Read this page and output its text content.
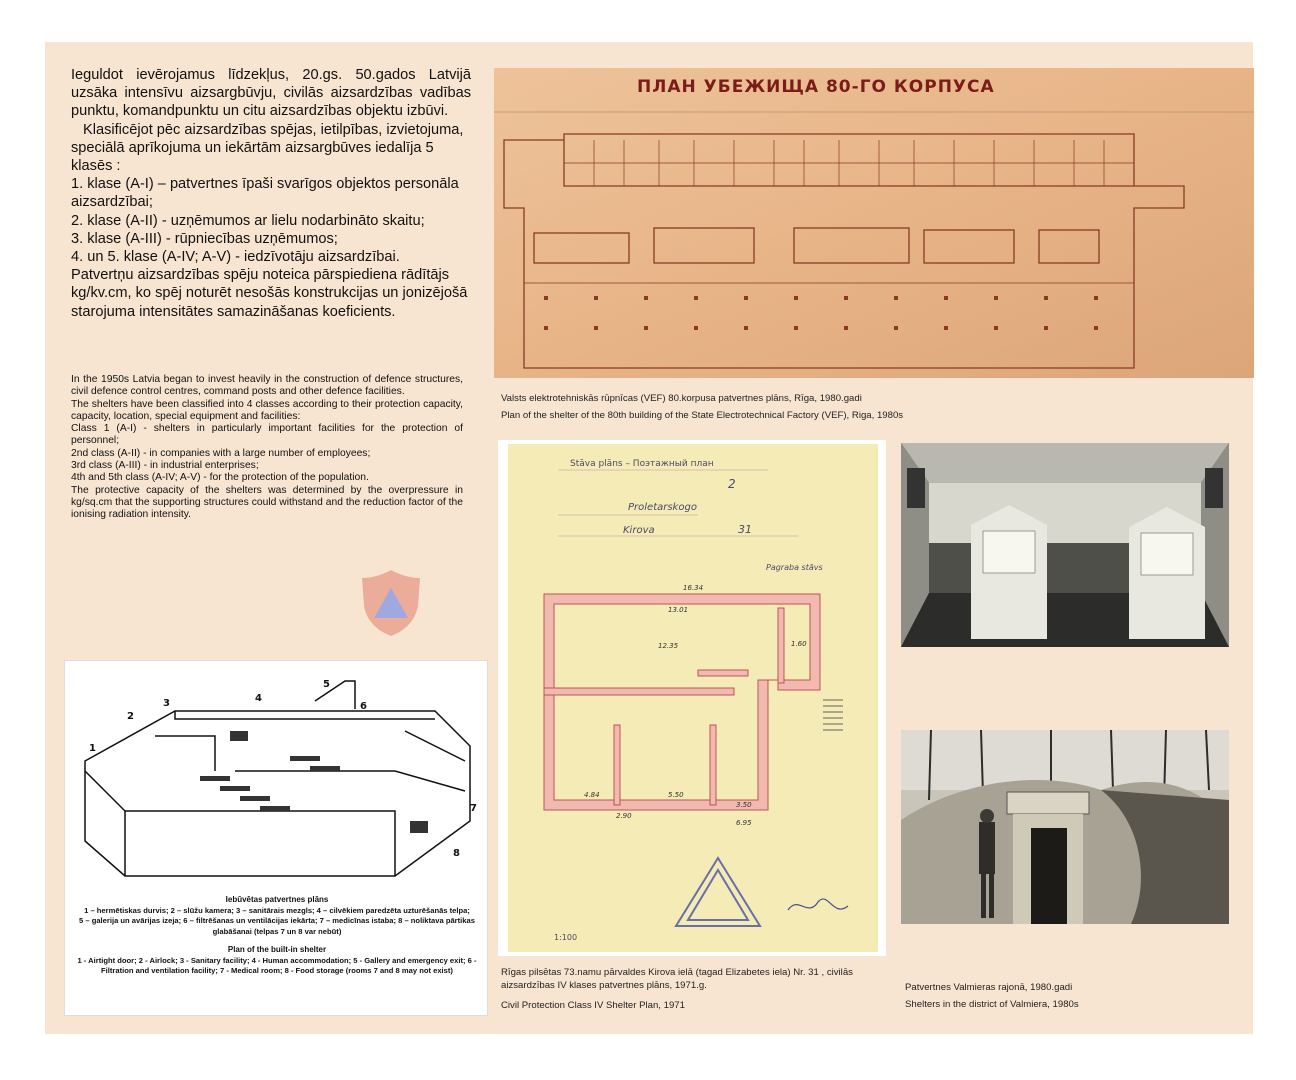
Ieguldot ievērojamus līdzekļus, 20.gs. 50.gados Latvijā uzsāka intensīvu aizsargbūvju, civilās aizsardzības vadības punktu, komandpunktu un citu aizsardzības objektu izbūvi.

Klasificējot pēc aizsardzības spējas, ietilpības, izvietojuma, speciālā aprīkojuma un iekārtām aizsargbūves iedalīja 5 klasēs :

1. klase (A-I) – patvertnes īpaši svarīgos objektos personāla aizsardzībai;

2. klase (A-II) - uzņēmumos ar lielu nodarbināto skaitu;

3. klase (A-III) - rūpniecības uzņēmumos;

4. un 5. klase (A-IV; A-V) - iedzīvotāju aizsardzībai.

Patvertņu aizsardzības spēju noteica pārspiediena rādītājs kg/kv.cm, ko spēj noturēt nesošās konstrukcijas un jonizējošā starojuma intensitātes samazināšanas koeficients.

In the 1950s Latvia began to invest heavily in the construction of defence structures, civil defence control centres, command posts and other defence facilities.

The shelters have been classified into 4 classes according to their protection capacity, capacity, location, special equipment and facilities:

Class 1 (A-I) - shelters in particularly important facilities for the protection of personnel;

2nd class (A-II) - in companies with a large number of employees;

3rd class (A-III) - in industrial enterprises;

4th and 5th class (A-IV; A-V) - for the protection of the population.

The protective capacity of the shelters was determined by the overpressure in kg/sq.cm that the supporting structures could withstand and the reduction factor of the ionising radiation intensity.

ПЛАН УБЕЖИЩА 80-ГО КОРПУСА
Valsts elektrotehniskās rūpnīcas (VEF) 80.korpusa patvertnes plāns, Rīga, 1980.gadi
Plan of the shelter of the 80th building of the State Electrotechnical Factory (VEF), Riga, 1980s
1
2
3	4
5
6
7
8

Iebūvētas patvertnes plāns

1 – hermētiskas durvis; 2 – slūžu kamera; 3 – sanitārais mezgls; 4 – cilvēkiem paredzēta uzturēšanās telpa;

5 – galerija un avārijas izeja; 6 – filtrēšanas un ventilācijas iekārta; 7 – medicīnas istaba; 8 – noliktava pārtikas glabāšanai (telpas 7 un 8 var nebūt)

Plan of the built-in shelter

1 - Airtight door; 2 - Airlock; 3 - Sanitary facility; 4 - Human accommodation; 5 - Gallery and emergency exit; 6 - Filtration and ventilation facility; 7 - Medical room; 8 - Food storage (rooms 7 and 8 may not exist)

Stāva plāns – Поэтажный план
2
Proletarskogo
Kirova	31
Pagraba stāvs
1:100
16.34
13.01
12.35
6.95
5.50
2.90
4.84
3.50
1.60
Rīgas pilsētas 73.namu pārvaldes Kirova ielā (tagad Elizabetes iela) Nr. 31 , civilās aizsardzības IV klases patvertnes plāns, 1971.g.
Civil Protection Class IV Shelter Plan, 1971
Patvertnes Valmieras rajonā, 1980.gadi
Shelters in the district of Valmiera, 1980s
